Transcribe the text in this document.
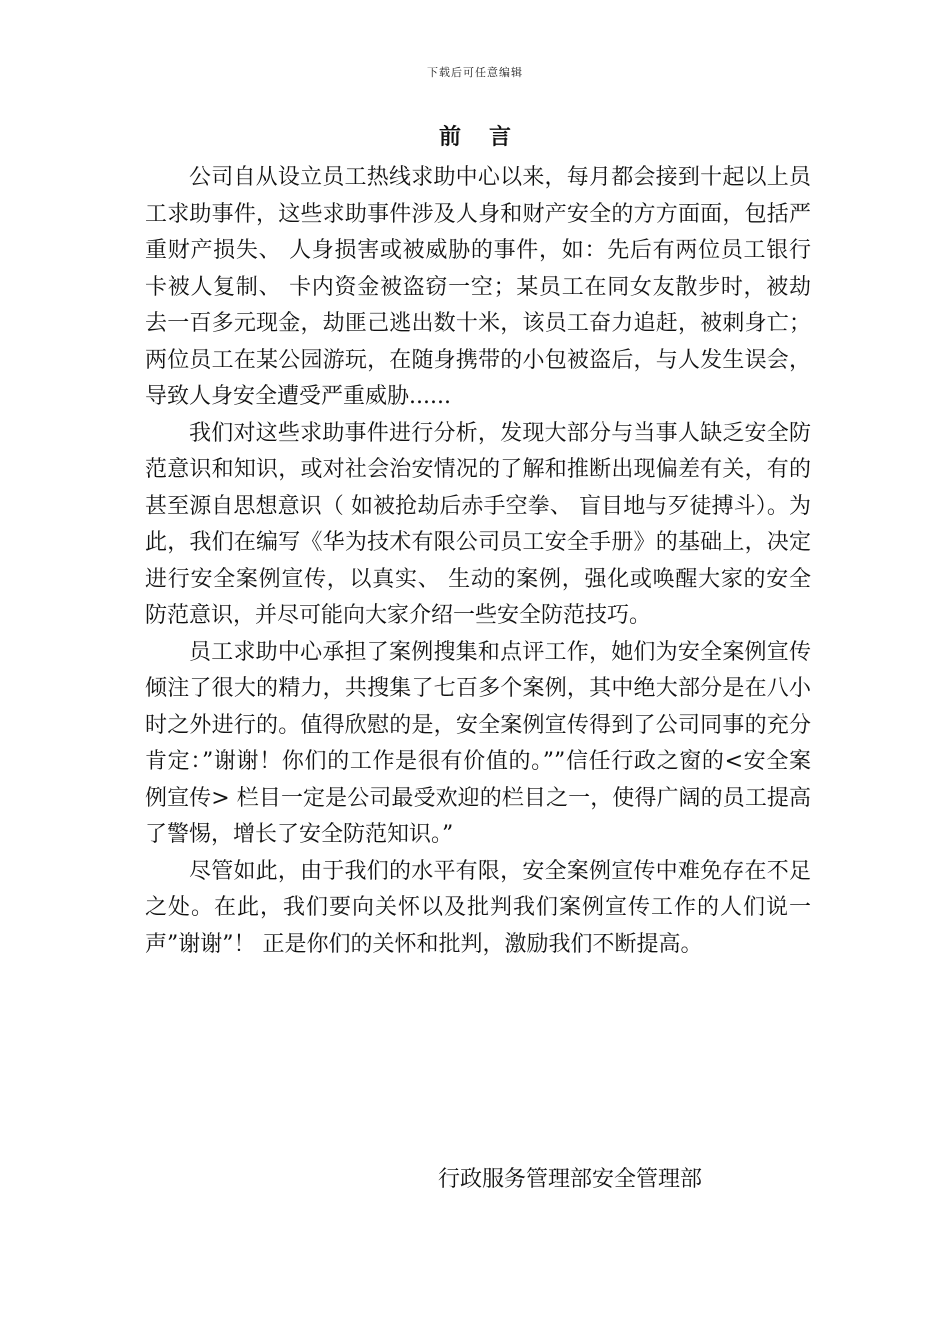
下载后可任意编辑
前言

公司自从设立员工热线求助中心以来，每月都会接到十起以上员工求助事件，这些求助事件涉及人身和财产安全的方方面面，包括严重财产损失、 人身损害或被威胁的事件，如：先后有两位员工银行卡被人复制、 卡内资金被盗窃一空；某员工在同女友散步时，被劫去一百多元现金，劫匪己逃出数十米，该员工奋力追赶，被刺身亡；两位员工在某公园游玩，在随身携带的小包被盗后，与人发生误会，导致人身安全遭受严重威胁......

我们对这些求助事件进行分析，发现大部分与当事人缺乏安全防范意识和知识，或对社会治安情况的了解和推断出现偏差有关，有的甚至源自思想意识（ 如被抢劫后赤手空拳、 盲目地与歹徒搏斗）。为此，我们在编写《华为技术有限公司员工安全手册》的基础上，决定进行安全案例宣传，以真实、 生动的案例，强化或唤醒大家的安全防范意识，并尽可能向大家介绍一些安全防范技巧。

员工求助中心承担了案例搜集和点评工作，她们为安全案例宣传倾注了很大的精力，共搜集了七百多个案例，其中绝大部分是在八小时之外进行的。值得欣慰的是，安全案例宣传得到了公司同事的充分肯定：”谢谢！你们的工作是很有价值的。””信任行政之窗的<安全案例宣传> 栏目一定是公司最受欢迎的栏目之一，使得广阔的员工提高了警惕，增长了安全防范知识。”

尽管如此，由于我们的水平有限，安全案例宣传中难免存在不足之处。在此，我们要向关怀以及批判我们案例宣传工作的人们说一声”谢谢”！ 正是你们的关怀和批判，激励我们不断提高。

行政服务管理部安全管理部
